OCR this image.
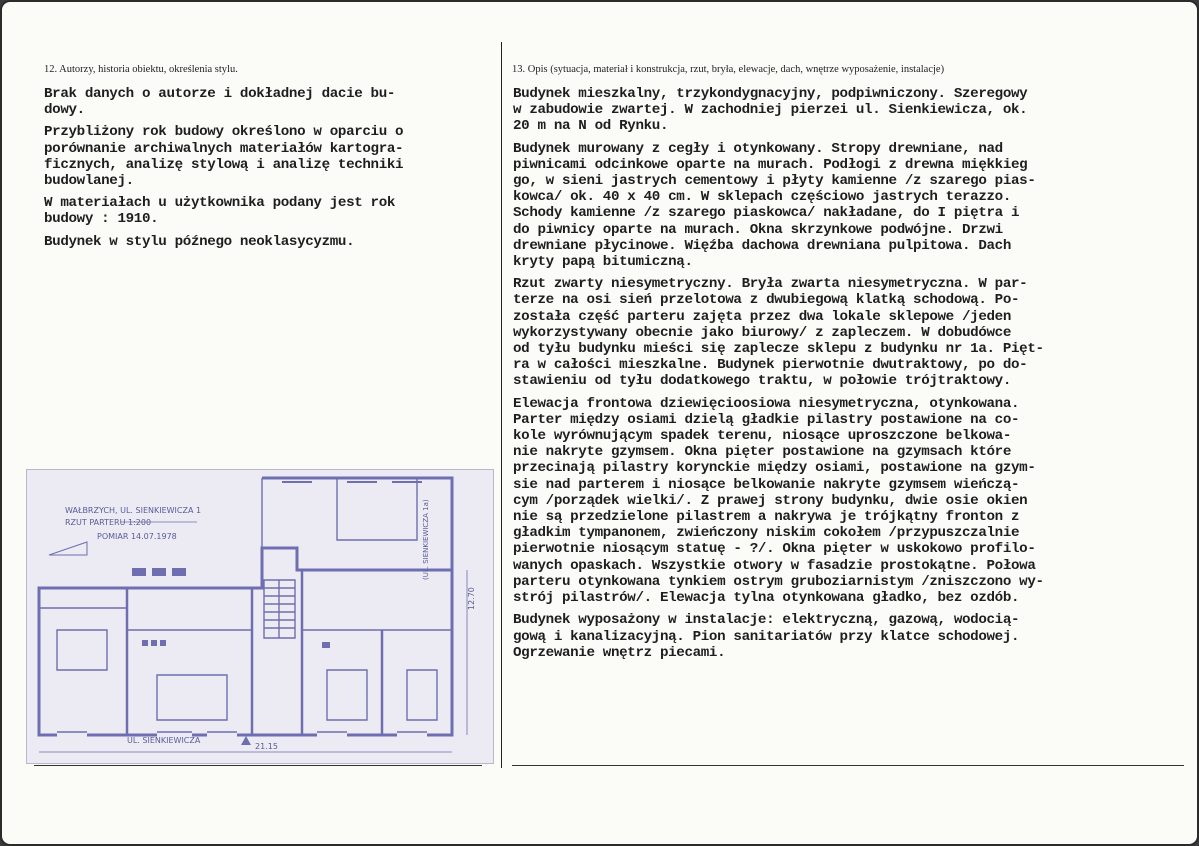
12. Autorzy, historia obiektu, określenia stylu.	13. Opis (sytuacja, materiał i konstrukcja, rzut, bryła, elewacje, dach, wnętrze wyposażenie, instalacje)
Brak danych o autorze i dokładnej dacie bu-
dowy.
Przybliżony rok budowy określono w oparciu o
porównanie archiwalnych materiałów kartogra-
ficznych, analizę stylową i analizę techniki
budowlanej.
W materiałach u użytkownika podany jest rok
budowy : 1910.
Budynek w stylu późnego neoklasycyzmu.
Budynek mieszkalny, trzykondygnacyjny, podpiwniczony. Szeregowy
w zabudowie zwartej. W zachodniej pierzei ul. Sienkiewicza, ok.
20 m na N od Rynku.
Budynek murowany z cegły i otynkowany. Stropy drewniane, nad
piwnicami odcinkowe oparte na murach. Podłogi z drewna miękkieg
go, w sieni jastrych cementowy i płyty kamienne /z szarego pias-
kowca/ ok. 40 x 40 cm. W sklepach częściowo jastrych terazzo.
Schody kamienne /z szarego piaskowca/ nakładane, do I piętra i
do piwnicy oparte na murach. Okna skrzynkowe podwójne. Drzwi
drewniane płycinowe. Więźba dachowa drewniana pulpitowa. Dach
kryty papą bitumiczną.
Rzut zwarty niesymetryczny. Bryła zwarta niesymetryczna. W par-
terze na osi sień przelotowa z dwubiegową klatką schodową. Po-
została część parteru zajęta przez dwa lokale sklepowe /jeden
wykorzystywany obecnie jako biurowy/ z zapleczem. W dobudówce
od tyłu budynku mieści się zaplecze sklepu z budynku nr 1a. Pięt-
ra w całości mieszkalne. Budynek pierwotnie dwutraktowy, po do-
stawieniu od tyłu dodatkowego traktu, w połowie trójtraktowy.
Elewacja frontowa dziewięcioosiowa niesymetryczna, otynkowana.
Parter między osiami dzielą gładkie pilastry postawione na co-
kole wyrównującym spadek terenu, niosące uproszczone belkowa-
nie nakryte gzymsem. Okna pięter postawione na gzymsach które
przecinają pilastry korynckie między osiami, postawione na gzym-
sie nad parterem i niosące belkowanie nakryte gzymsem wieńczą-
cym /porządek wielki/. Z prawej strony budynku, dwie osie okien
nie są przedzielone pilastrem a nakrywa je trójkątny fronton z
gładkim tympanonem, zwieńczony niskim cokołem /przypuszczalnie
pierwotnie niosącym statuę - ?/. Okna pięter w uskokowo profilo-
wanych opaskach. Wszystkie otwory w fasadzie prostokątne. Połowa
parteru otynkowana tynkiem ostrym gruboziarnistym /zniszczono wy-
strój pilastrów/. Elewacja tylna otynkowana gładko, bez ozdób.
Budynek wyposażony w instalacje: elektryczną, gazową, wodocią-
gową i kanalizacyjną. Pion sanitariatów przy klatce schodowej.
Ogrzewanie wnętrz piecami.
WAŁBRZYCH, UL. SIENKIEWICZA 1
RZUT PARTERU 1:200
POMIAR 14.07.1978
UL. SIENKIEWICZA
21.15
12.70
(UL. SIENKIEWICZA 1a)
